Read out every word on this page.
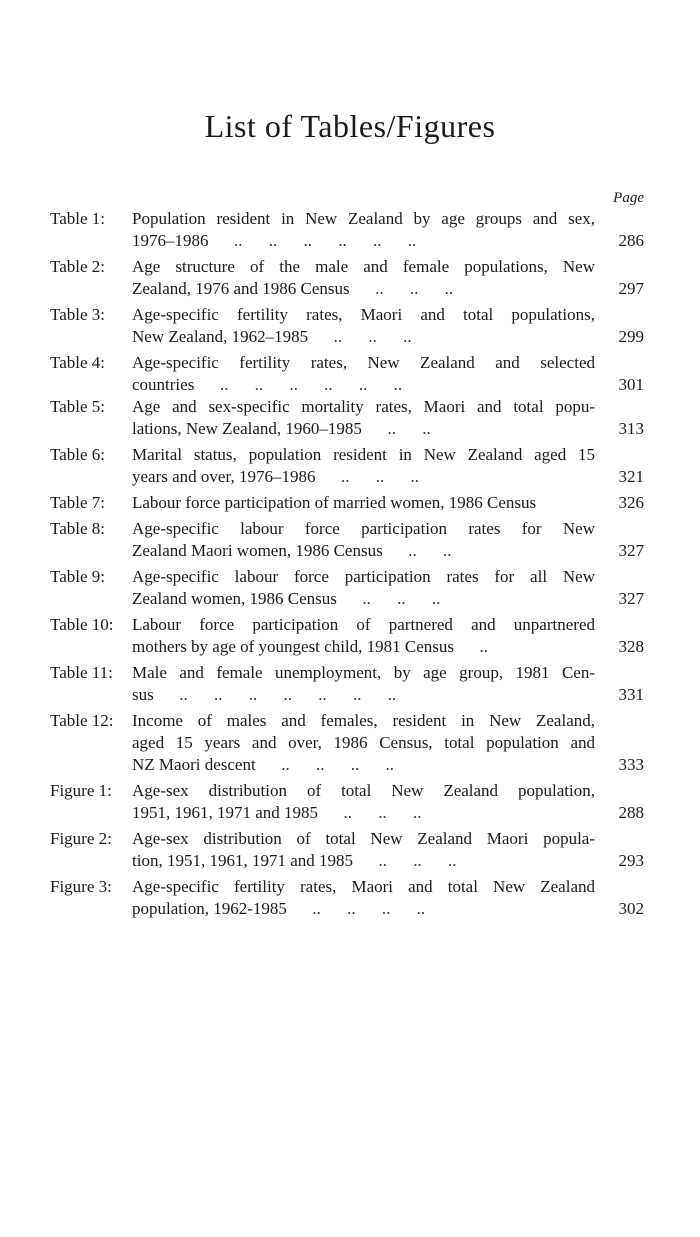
List of Tables/Figures
Page
Table 1:	Population resident in New Zealand by age groups and sex,
1976–1986 .. .. .. .. .. ..	286
Table 2:	Age structure of the male and female populations, New
Zealand, 1976 and 1986 Census .. .. ..	297
Table 3:	Age-specific fertility rates, Maori and total populations,
New Zealand, 1962–1985 .. .. ..	299
Table 4:	Age-specific fertility rates, New Zealand and selected
countries .. .. .. .. .. ..	301
Table 5:	Age and sex-specific mortality rates, Maori and total popu-
lations, New Zealand, 1960–1985 .. ..	313
Table 6:	Marital status, population resident in New Zealand aged 15
years and over, 1976–1986 .. .. ..	321
Table 7:	Labour force participation of married women, 1986 Census	326
Table 8:	Age-specific labour force participation rates for New
Zealand Maori women, 1986 Census .. ..	327
Table 9:	Age-specific labour force participation rates for all New
Zealand women, 1986 Census .. .. ..	327
Table 10:	Labour force participation of partnered and unpartnered
mothers by age of youngest child, 1981 Census ..	328
Table 11:	Male and female unemployment, by age group, 1981 Cen-
sus .. .. .. .. .. .. ..	331
Table 12:	Income of males and females, resident in New Zealand,
aged 15 years and over, 1986 Census, total population and
NZ Maori descent .. .. .. ..	333
Figure 1:	Age-sex distribution of total New Zealand population,
1951, 1961, 1971 and 1985 .. .. ..	288
Figure 2:	Age-sex distribution of total New Zealand Maori popula-
tion, 1951, 1961, 1971 and 1985 .. .. ..	293
Figure 3:	Age-specific fertility rates, Maori and total New Zealand
population, 1962-1985 .. .. .. ..	302
